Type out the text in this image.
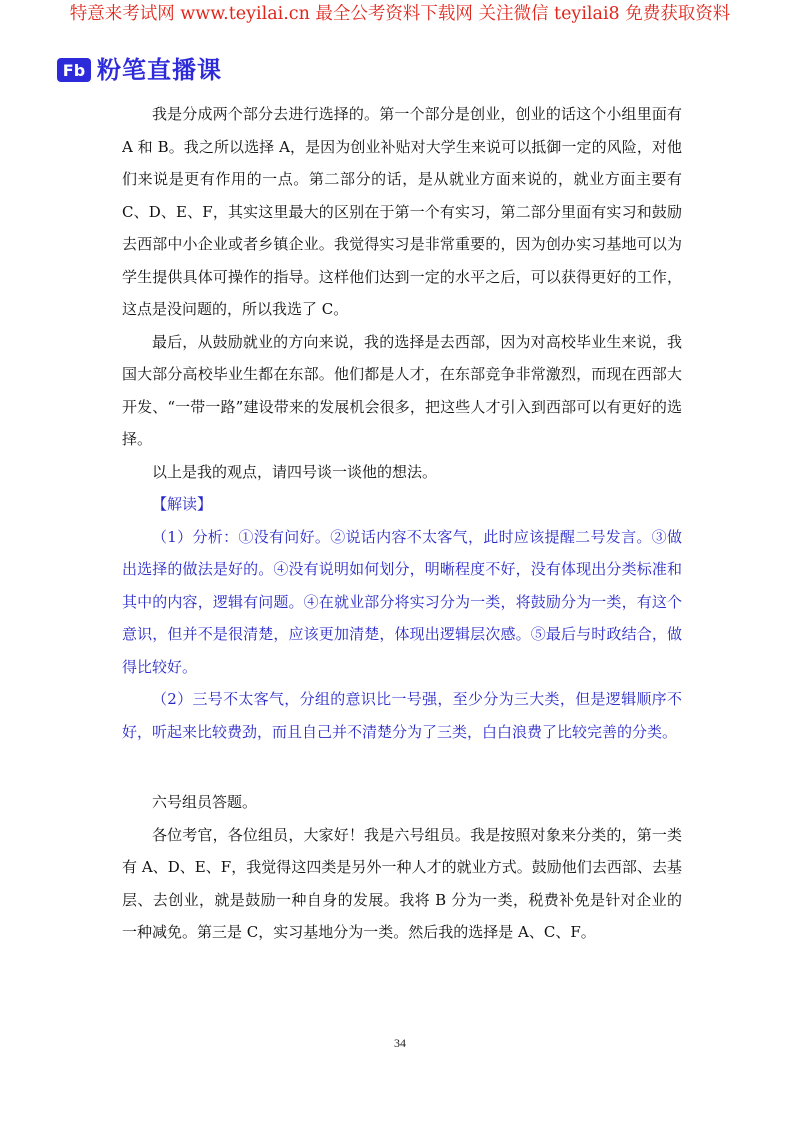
特意来考试网 www.teyilai.cn 最全公考资料下载网 关注微信 teyilai8 免费获取资料
Fb 粉笔直播课

我是分成两个部分去进行选择的。第一个部分是创业，创业的话这个小组里面有 A 和 B。我之所以选择 A，是因为创业补贴对大学生来说可以抵御一定的风险，对他们来说是更有作用的一点。第二部分的话，是从就业方面来说的，就业方面主要有 C、D、E、F，其实这里最大的区别在于第一个有实习，第二部分里面有实习和鼓励去西部中小企业或者乡镇企业。我觉得实习是非常重要的，因为创办实习基地可以为学生提供具体可操作的指导。这样他们达到一定的水平之后，可以获得更好的工作，这点是没问题的，所以我选了 C。

最后，从鼓励就业的方向来说，我的选择是去西部，因为对高校毕业生来说，我国大部分高校毕业生都在东部。他们都是人才，在东部竞争非常激烈，而现在西部大开发、“一带一路”建设带来的发展机会很多，把这些人才引入到西部可以有更好的选择。

以上是我的观点，请四号谈一谈他的想法。

【解读】

（1）分析：①没有问好。②说话内容不太客气，此时应该提醒二号发言。③做出选择的做法是好的。④没有说明如何划分，明晰程度不好，没有体现出分类标准和其中的内容，逻辑有问题。④在就业部分将实习分为一类，将鼓励分为一类，有这个意识，但并不是很清楚，应该更加清楚，体现出逻辑层次感。⑤最后与时政结合，做得比较好。

（2）三号不太客气，分组的意识比一号强，至少分为三大类，但是逻辑顺序不好，听起来比较费劲，而且自己并不清楚分为了三类，白白浪费了比较完善的分类。

六号组员答题。

各位考官，各位组员，大家好！我是六号组员。我是按照对象来分类的，第一类有 A、D、E、F，我觉得这四类是另外一种人才的就业方式。鼓励他们去西部、去基层、去创业，就是鼓励一种自身的发展。我将 B 分为一类，税费补免是针对企业的一种减免。第三是 C，实习基地分为一类。然后我的选择是 A、C、F。

34
